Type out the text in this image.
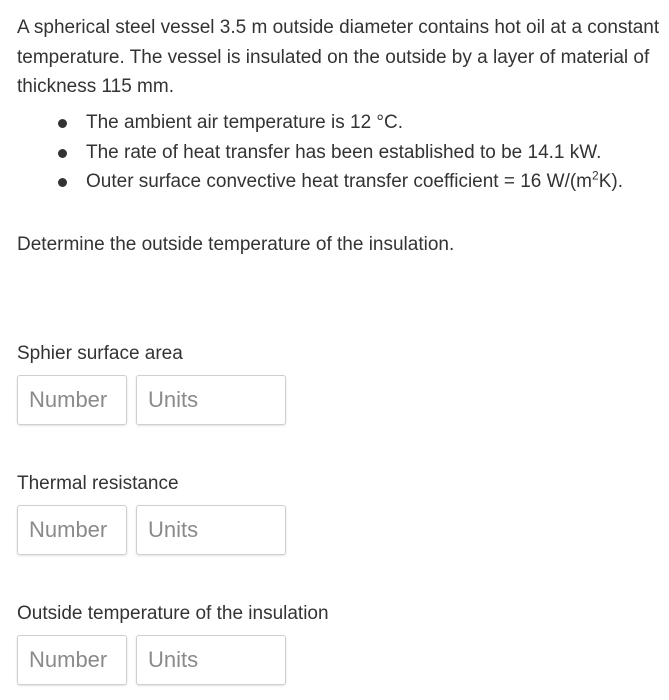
A spherical steel vessel 3.5 m outside diameter contains hot oil at a constant temperature. The vessel is insulated on the outside by a layer of material of thickness 115 mm.

The ambient air temperature is 12 °C.
The rate of heat transfer has been established to be 14.1 kW.
Outer surface convective heat transfer coefficient = 16 $W/(m^2K)$.

Determine the outside temperature of the insulation.

Sphier surface area

Number	Units

Thermal resistance

Number	Units

Outside temperature of the insulation

Number	Units
